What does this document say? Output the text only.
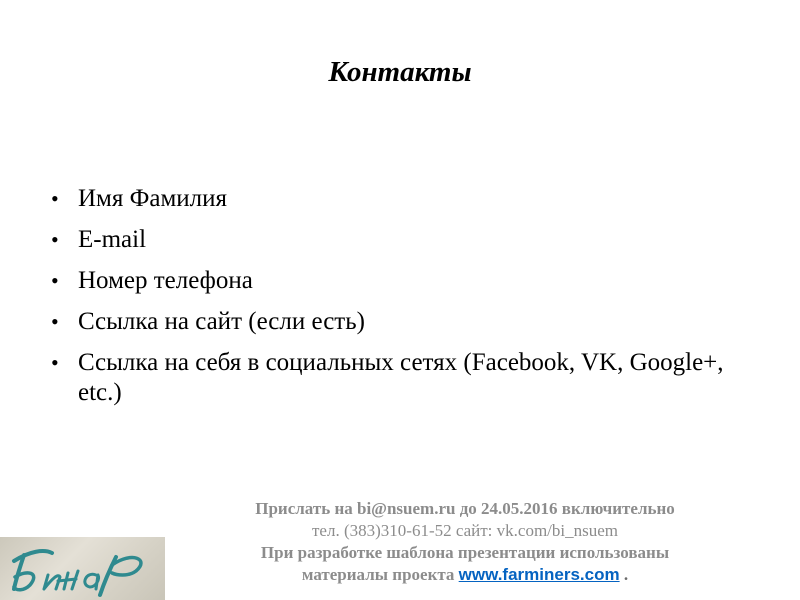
Контакты
• Имя Фамилия
• E-mail
• Номер телефона
• Ссылка на сайт (если есть)
• Ссылка на себя в социальных сетях (Facebook, VK, Google+, etc.)
Прислать на bi@nsuem.ru до 24.05.2016 включительно
тел. (383)310-61-52 сайт: vk.com/bi_nsuem
При разработке шаблона презентации использованы
материалы проекта www.farminers.com .
Бинар
